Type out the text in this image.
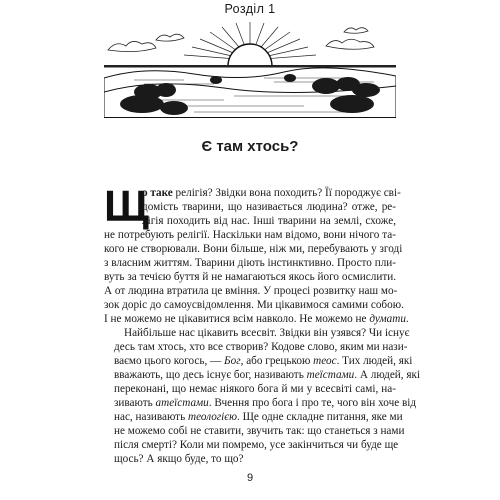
Розділ 1
Є там хтось?

Щ
о таке релігія? Звідки вона походить? Її породжує сві-
домість тварини, що називається людина? отже, ре-
лігія походить від нас. Інші тварини на землі, схоже,
не потребують релігії. Наскільки нам відомо, вони нічого та-
кого не створювали. Вони більше, ніж ми, перебувають у згоді
з власним життям. Тварини діють інстинктивно. Просто пли-
вуть за течією буття й не намагаються якось його осмислити.
А от людина втратила це вміння. У процесі розвитку наш мо-
зок доріс до самоусвідомлення. Ми цікавимося самими собою.
І не можемо не цікавитися всім навколо. Не можемо не думати.

Найбільше нас цікавить всесвіт. Звідки він узявся? Чи існує
десь там хтось, хто все створив? Кодове слово, яким ми нази-
ваємо цього когось, — Бог, або грецькою теос. Тих людей, які
вважають, що десь існує бог, називають теїстами. А людей, які
переконані, що немає ніякого бога й ми у всесвіті самі, на-
зивають атеїстами. Вчення про бога і про те, чого він хоче від
нас, називають теологією. Ще одне складне питання, яке ми
не можемо собі не ставити, звучить так: що станеться з нами
після смерті? Коли ми помремо, усе закінчиться чи буде ще
щось? А якщо буде, то що?

9
